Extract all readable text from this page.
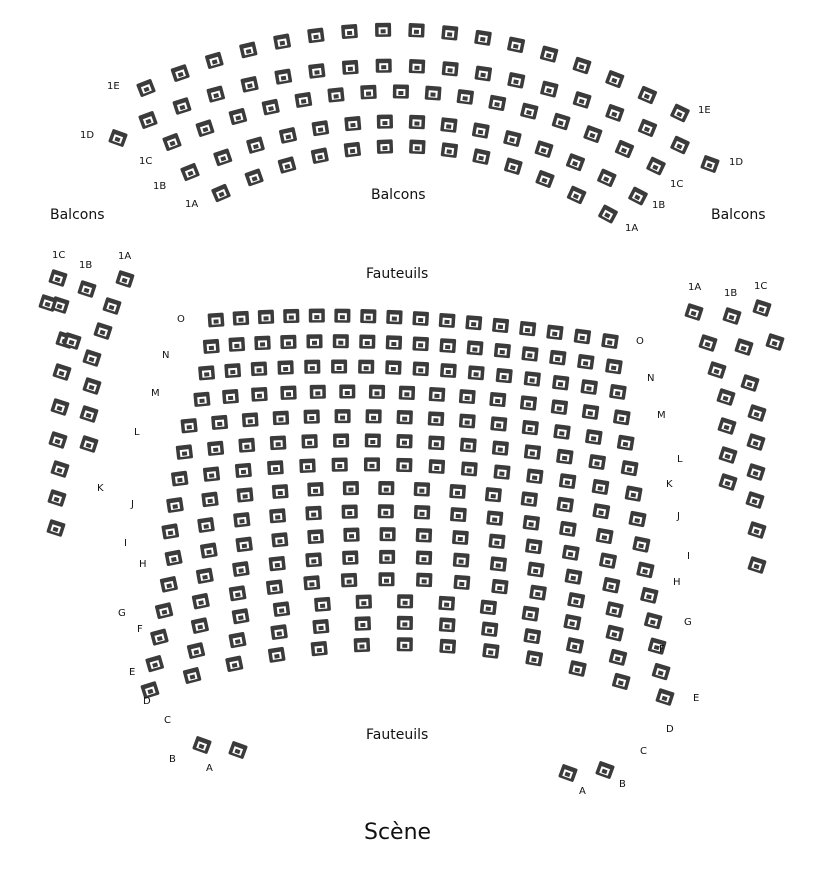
Balcons
Balcons	Balcons
Fauteuils
Fauteuils
Scène
1E
1D
1C
1B
1A
1E
1D
1C
1B
1A
1C
1B
1A
1A
1B
1C
O
N
M
L
K
J
I
H
G
F
E
D
C
B
A
O
N
M
L
K
J
I
H
G
F
E
D
C
B
A
